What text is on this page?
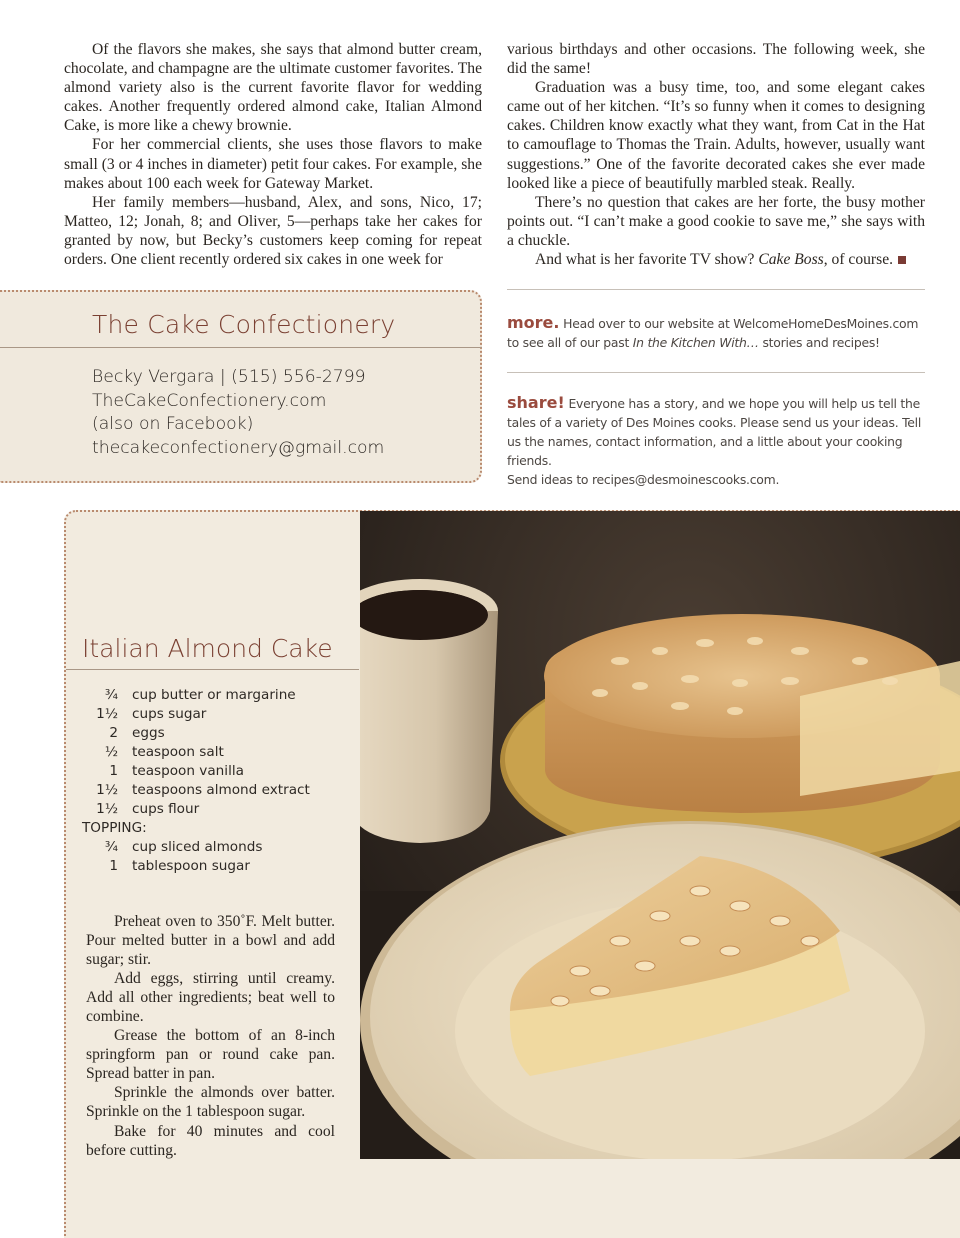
Of the flavors she makes, she says that almond butter cream, chocolate, and champagne are the ultimate customer favorites. The almond variety also is the current favorite flavor for wedding cakes. Another frequently ordered almond cake, Italian Almond Cake, is more like a chewy brownie.

For her commercial clients, she uses those flavors to make small (3 or 4 inches in diameter) petit four cakes. For example, she makes about 100 each week for Gateway Market.

Her family members—husband, Alex, and sons, Nico, 17; Matteo, 12; Jonah, 8; and Oliver, 5—perhaps take her cakes for granted by now, but Becky’s customers keep coming for repeat orders. One client recently ordered six cakes in one week for

various birthdays and other occasions. The following week, she did the same!

Graduation was a busy time, too, and some elegant cakes came out of her kitchen. “It’s so funny when it comes to designing cakes. Children know exactly what they want, from Cat in the Hat to camouflage to Thomas the Train. Adults, however, usually want suggestions.” One of the favorite decorated cakes she ever made looked like a piece of beautifully marbled steak. Really.

There’s no question that cakes are her forte, the busy mother points out. “I can’t make a good cookie to save me,” she says with a chuckle.

And what is her favorite TV show? Cake Boss, of course.

The Cake Confectionery
Becky Vergara | (515) 556-2799
TheCakeConfectionery.com
(also on Facebook)
thecakeconfectionery@gmail.com
more. Head over to our website at WelcomeHomeDesMoines.com to see all of our past In the Kitchen With… stories and recipes!
share! Everyone has a story, and we hope you will help us tell the tales of a variety of Des Moines cooks. Please send us your ideas. Tell us the names, contact information, and a little about your cooking friends.
Send ideas to recipes@desmoinescooks.com.
Italian Almond Cake
¾	cup butter or margarine
1½	cups sugar
2	eggs
½	teaspoon salt
1	teaspoon vanilla
1½	teaspoons almond extract
1½	cups flour
TOPPING:
¾	cup sliced almonds
1	tablespoon sugar

Preheat oven to 350˚F. Melt butter. Pour melted butter in a bowl and add sugar; stir.

Add eggs, stirring until creamy. Add all other ingredients; beat well to combine.

Grease the bottom of an 8-inch springform pan or round cake pan. Spread batter in pan.

Sprinkle the almonds over batter. Sprinkle on the 1 tablespoon sugar.

Bake for 40 minutes and cool before cutting.
